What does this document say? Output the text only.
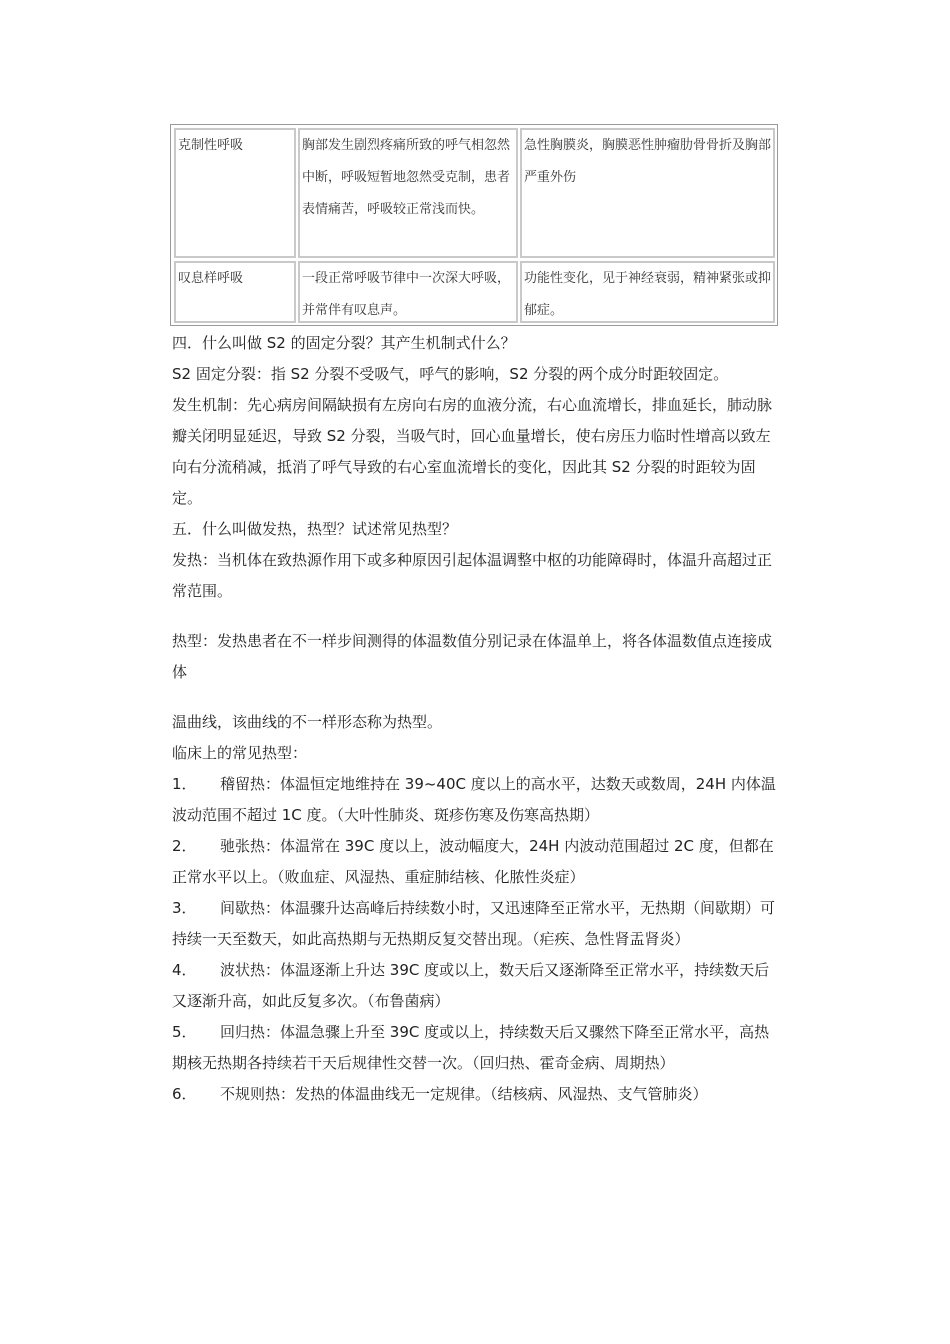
克制性呼吸	胸部发生剧烈疼痛所致的呼气相忽然中断，呼吸短暂地忽然受克制，患者表情痛苦，呼吸较正常浅而快。
急性胸膜炎，胸膜恶性肿瘤肋骨骨折及胸部严重外伤
叹息样呼吸	一段正常呼吸节律中一次深大呼吸，并常伴有叹息声。
功能性变化，见于神经衰弱，精神紧张或抑郁症。

四．什么叫做 S2 的固定分裂？其产生机制式什么？

S2 固定分裂：指 S2 分裂不受吸气，呼气的影响，S2 分裂的两个成分时距较固定。

发生机制：先心病房间隔缺损有左房向右房的血液分流，右心血流增长，排血延长，肺动脉瓣关闭明显延迟，导致 S2 分裂，当吸气时，回心血量增长，使右房压力临时性增高以致左向右分流稍减，抵消了呼气导致的右心室血流增长的变化，因此其 S2 分裂的时距较为固定。

五．什么叫做发热，热型？试述常见热型？

发热：当机体在致热源作用下或多种原因引起体温调整中枢的功能障碍时，体温升高超过正常范围。

热型：发热患者在不一样步间测得的体温数值分别记录在体温单上，将各体温数值点连接成体

温曲线，该曲线的不一样形态称为热型。

临床上的常见热型：

1． 稽留热：体温恒定地维持在 39~40C 度以上的高水平，达数天或数周，24H 内体温波动范围不超过 1C 度。（大叶性肺炎、斑疹伤寒及伤寒高热期）

2． 驰张热：体温常在 39C 度以上，波动幅度大，24H 内波动范围超过 2C 度，但都在正常水平以上。（败血症、风湿热、重症肺结核、化脓性炎症）

3． 间歇热：体温骤升达高峰后持续数小时，又迅速降至正常水平，无热期（间歇期）可持续一天至数天，如此高热期与无热期反复交替出现。（疟疾、急性肾盂肾炎）

4． 波状热：体温逐渐上升达 39C 度或以上，数天后又逐渐降至正常水平，持续数天后又逐渐升高，如此反复多次。（布鲁菌病）

5． 回归热：体温急骤上升至 39C 度或以上，持续数天后又骤然下降至正常水平，高热期核无热期各持续若干天后规律性交替一次。（回归热、霍奇金病、周期热）

6． 不规则热：发热的体温曲线无一定规律。（结核病、风湿热、支气管肺炎）
